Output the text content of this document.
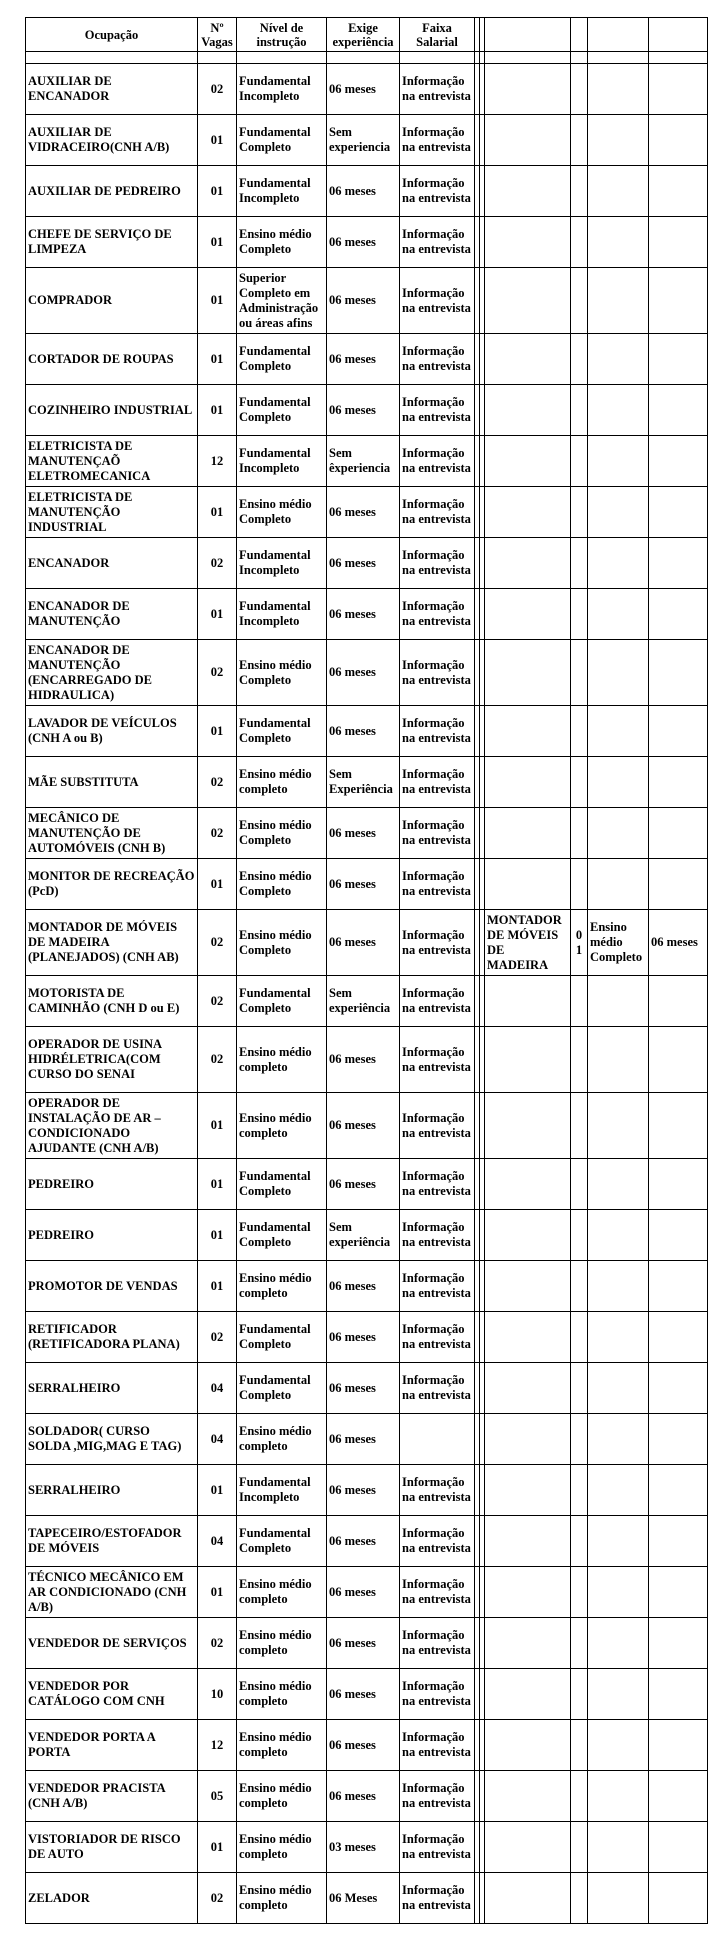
Ocupação	Nº Vagas	Nível de instrução	Exige experiência	Faixa Salarial						

AUXILIAR DE ENCANADOR	02	Fundamental Incompleto	06 meses	Informação na entrevista						
AUXILIAR DE VIDRACEIRO(CNH A/B)	01	Fundamental Completo	Sem experiencia	Informação na entrevista						
AUXILIAR DE PEDREIRO	01	Fundamental Incompleto	06 meses	Informação na entrevista						
CHEFE DE SERVIÇO DE LIMPEZA	01	Ensino médio Completo	06 meses	Informação na entrevista						
COMPRADOR	01	Superior Completo em Administração ou áreas afins	06 meses	Informação na entrevista						
CORTADOR DE ROUPAS	01	Fundamental Completo	06 meses	Informação na entrevista						
COZINHEIRO INDUSTRIAL	01	Fundamental Completo	06 meses	Informação na entrevista						
ELETRICISTA DE MANUTENÇAÕ ELETROMECANICA	12	Fundamental Incompleto	Sem êxperiencia	Informação na entrevista						
ELETRICISTA DE MANUTENÇÃO INDUSTRIAL	01	Ensino médio Completo	06 meses	Informação na entrevista						
ENCANADOR	02	Fundamental Incompleto	06 meses	Informação na entrevista						
ENCANADOR DE MANUTENÇÃO	01	Fundamental Incompleto	06 meses	Informação na entrevista						
ENCANADOR DE MANUTENÇÃO (ENCARREGADO DE HIDRAULICA)	02	Ensino médio Completo	06 meses	Informação na entrevista						
LAVADOR DE VEÍCULOS (CNH A ou B)	01	Fundamental Completo	06 meses	Informação na entrevista						
MÃE SUBSTITUTA	02	Ensino médio completo	Sem Experiência	Informação na entrevista						
MECÂNICO DE MANUTENÇÃO DE AUTOMÓVEIS (CNH B)	02	Ensino médio Completo	06 meses	Informação na entrevista						
MONITOR DE RECREAÇÃO (PcD)	01	Ensino médio Completo	06 meses	Informação na entrevista						
MONTADOR DE MÓVEIS DE MADEIRA (PLANEJADOS) (CNH AB)	02	Ensino médio Completo	06 meses	Informação na entrevista			MONTADOR DE MÓVEIS DE MADEIRA	01	Ensino médio Completo	06 meses
MOTORISTA DE CAMINHÃO (CNH D ou E)	02	Fundamental Completo	Sem experiência	Informação na entrevista						
OPERADOR DE USINA HIDRÉLETRICA(COM CURSO DO SENAI	02	Ensino médio completo	06 meses	Informação na entrevista						
OPERADOR DE INSTALAÇÃO DE AR – CONDICIONADO AJUDANTE (CNH A/B)	01	Ensino médio completo	06 meses	Informação na entrevista						
PEDREIRO	01	Fundamental Completo	06 meses	Informação na entrevista						
PEDREIRO	01	Fundamental Completo	Sem experiência	Informação na entrevista						
PROMOTOR DE VENDAS	01	Ensino médio completo	06 meses	Informação na entrevista						
RETIFICADOR (RETIFICADORA PLANA)	02	Fundamental Completo	06 meses	Informação na entrevista						
SERRALHEIRO	04	Fundamental Completo	06 meses	Informação na entrevista						
SOLDADOR( CURSO SOLDA ,MIG,MAG E TAG)	04	Ensino médio completo	06 meses							
SERRALHEIRO	01	Fundamental Incompleto	06 meses	Informação na entrevista						
TAPECEIRO/ESTOFADOR DE MÓVEIS	04	Fundamental Completo	06 meses	Informação na entrevista						
TÉCNICO MECÂNICO EM AR CONDICIONADO (CNH A/B)	01	Ensino médio completo	06 meses	Informação na entrevista						
VENDEDOR DE SERVIÇOS	02	Ensino médio completo	06 meses	Informação na entrevista						
VENDEDOR POR CATÁLOGO COM CNH	10	Ensino médio completo	06 meses	Informação na entrevista						
VENDEDOR PORTA A PORTA	12	Ensino médio completo	06 meses	Informação na entrevista						
VENDEDOR PRACISTA (CNH A/B)	05	Ensino médio completo	06 meses	Informação na entrevista						
VISTORIADOR DE RISCO DE AUTO	01	Ensino médio completo	03 meses	Informação na entrevista						
ZELADOR	02	Ensino médio completo	06 Meses	Informação na entrevista						
